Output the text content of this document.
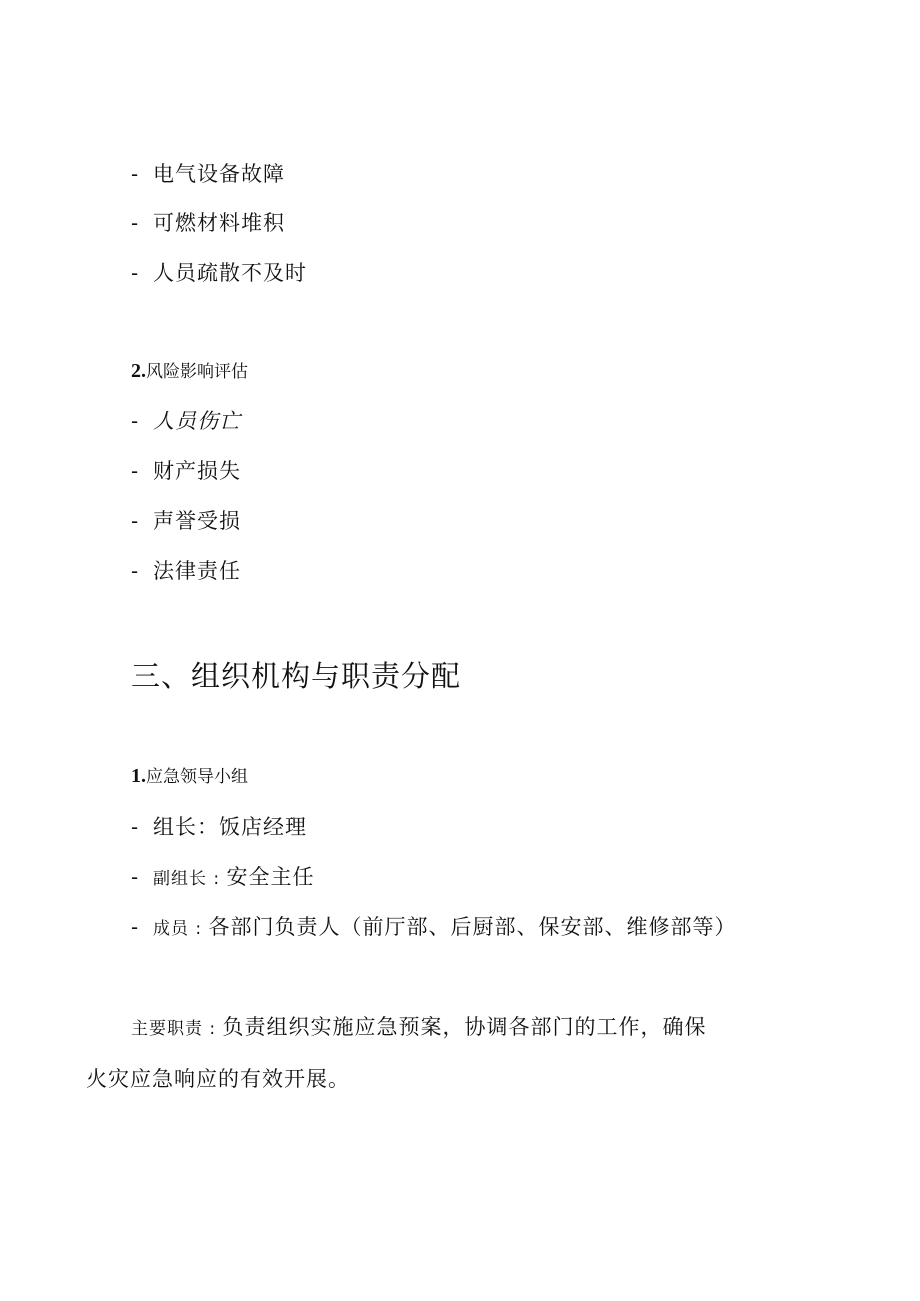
- 电气设备故障
- 可燃材料堆积
- 人员疏散不及时
2.风险影响评估
- 人员伤亡
- 财产损失
- 声誉受损
- 法律责任
三、组织机构与职责分配
1.应急领导小组
- 组长：饭店经理
- 副组长 : 安全主任
- 成员 : 各部门负责人（前厅部、后厨部、保安部、维修部等）
主要职责 : 负责组织实施应急预案，协调各部门的工作，确保
火灾应急响应的有效开展。
